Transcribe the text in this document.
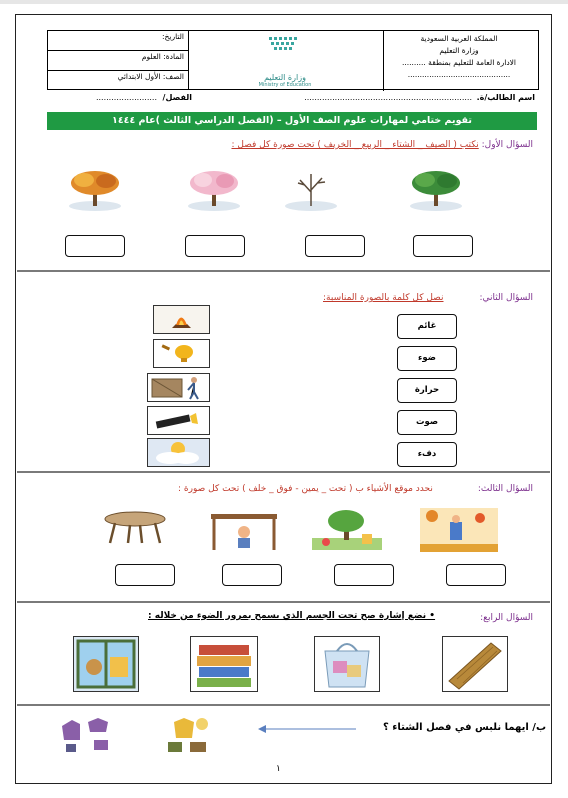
المملكة العربية السعودية
وزارة التعليم
الادارة العامة للتعليم بمنطقة ..........
...........................................
وزارة التعليم
Ministry of Education
التاريخ:
المادة: العلوم
الصف: الأول الابتدائي
اسم الطالب/ة.
..................................................................
الفصل/
........................
تقويم ختامي لمهارات علوم الصف الأول – (الفصل الدراسي الثالث )عام ١٤٤٤
السؤال الأول: نكتب ( الصيف _ الشتاء _ الربيع _ الخريف ) تحت صورة كل فصل :
السؤال الثاني:
نصل كل كلمة بالصورة المناسبة:
غائم
ضوء
حرارة
صوت
دفء
السؤال الثالث:
نحدد موقع الأشياء ب ( تحت _ يمين - فوق _ خلف ) تحت كل صورة :
السؤال الرابع:
• نضع إشارة صح تحت الجسم الذي يسمح بمرور الضوء من خلاله :
ب/ ايهما نلبس في فصل الشتاء ؟
١
